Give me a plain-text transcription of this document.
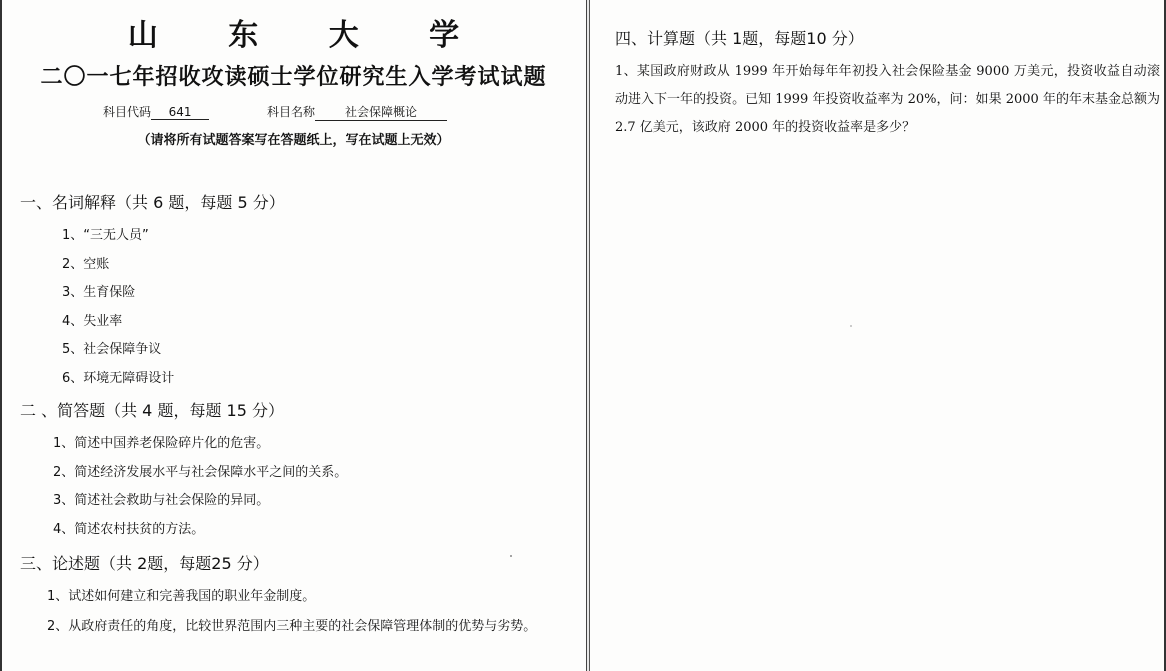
山 东 大 学
二〇一七年招收攻读硕士学位研究生入学考试试题
科目代码 641	科目名称 社会保障概论
（请将所有试题答案写在答题纸上，写在试题上无效）
一、名词解释（共 6 题，每题 5 分）
1、“三无人员”
2、空账
3、生育保险
4、失业率
5、社会保障争议
6、环境无障碍设计
二 、简答题（共 4 题，每题 15 分）
1、简述中国养老保险碎片化的危害。
2、简述经济发展水平与社会保障水平之间的关系。
3、简述社会救助与社会保险的异同。
4、简述农村扶贫的方法。
三、论述题（共 2题，每题25 分）
1、试述如何建立和完善我国的职业年金制度。
2、从政府责任的角度，比较世界范围内三种主要的社会保障管理体制的优势与劣势。
四、计算题（共 1题，每题10 分）
1、某国政府财政从 1999 年开始每年年初投入社会保险基金 9000 万美元，投资收益自动滚动进入下一年的投资。已知 1999 年投资收益率为 20%，问：如果 2000 年的年末基金总额为 2.7 亿美元，该政府 2000 年的投资收益率是多少？
